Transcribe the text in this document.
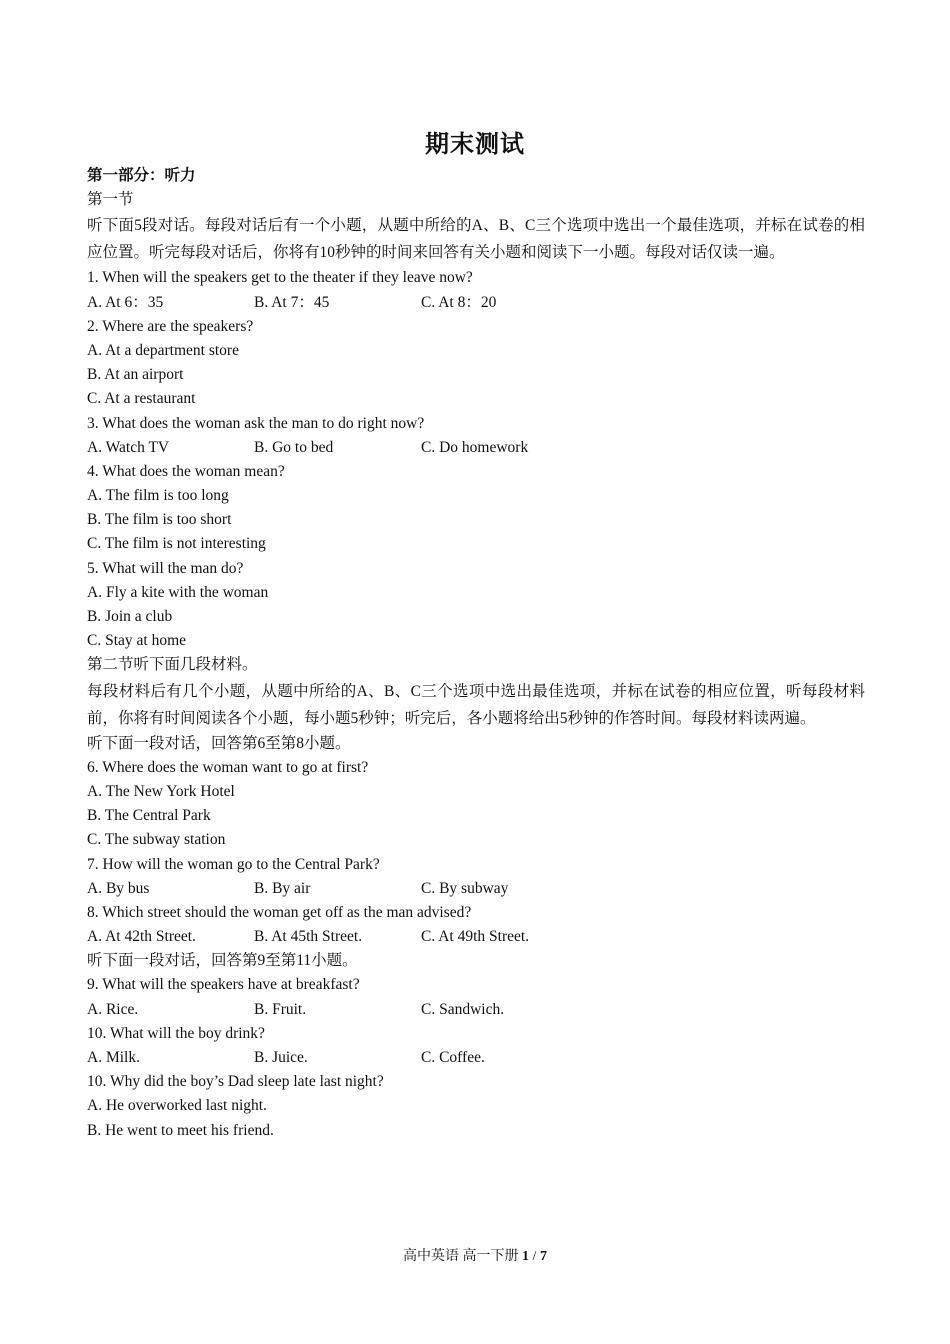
期末测试
第一部分：听力
第一节

听下面5段对话。每段对话后有一个小题，从题中所给的A、B、C三个选项中选出一个最佳选项，并标在试卷的相应位置。听完每段对话后，你将有10秒钟的时间来回答有关小题和阅读下一小题。每段对话仅读一遍。

1. When will the speakers get to the theater if they leave now?
A. At 6：35	B. At 7：45	C. At 8：20
2. Where are the speakers?
A. At a department store
B. At an airport
C. At a restaurant
3. What does the woman ask the man to do right now?
A. Watch TV	B. Go to bed	C. Do homework
4. What does the woman mean?
A. The film is too long
B. The film is too short
C. The film is not interesting
5. What will the man do?
A. Fly a kite with the woman
B. Join a club
C. Stay at home
第二节听下面几段材料。

每段材料后有几个小题，从题中所给的A、B、C三个选项中选出最佳选项，并标在试卷的相应位置，听每段材料前，你将有时间阅读各个小题，每小题5秒钟；听完后，各小题将给出5秒钟的作答时间。每段材料读两遍。

听下面一段对话，回答第6至第8小题。
6. Where does the woman want to go at first?
A. The New York Hotel
B. The Central Park
C. The subway station
7. How will the woman go to the Central Park?
A. By bus	B. By air	C. By subway
8. Which street should the woman get off as the man advised?
A. At 42th Street.	B. At 45th Street.	C. At 49th Street.
听下面一段对话，回答第9至第11小题。
9. What will the speakers have at breakfast?
A. Rice.	B. Fruit.	C. Sandwich.
10. What will the boy drink?
A. Milk.	B. Juice.	C. Coffee.
10. Why did the boy’s Dad sleep late last night?
A. He overworked last night.
B. He went to meet his friend.
高中英语 高一下册 1 / 7
